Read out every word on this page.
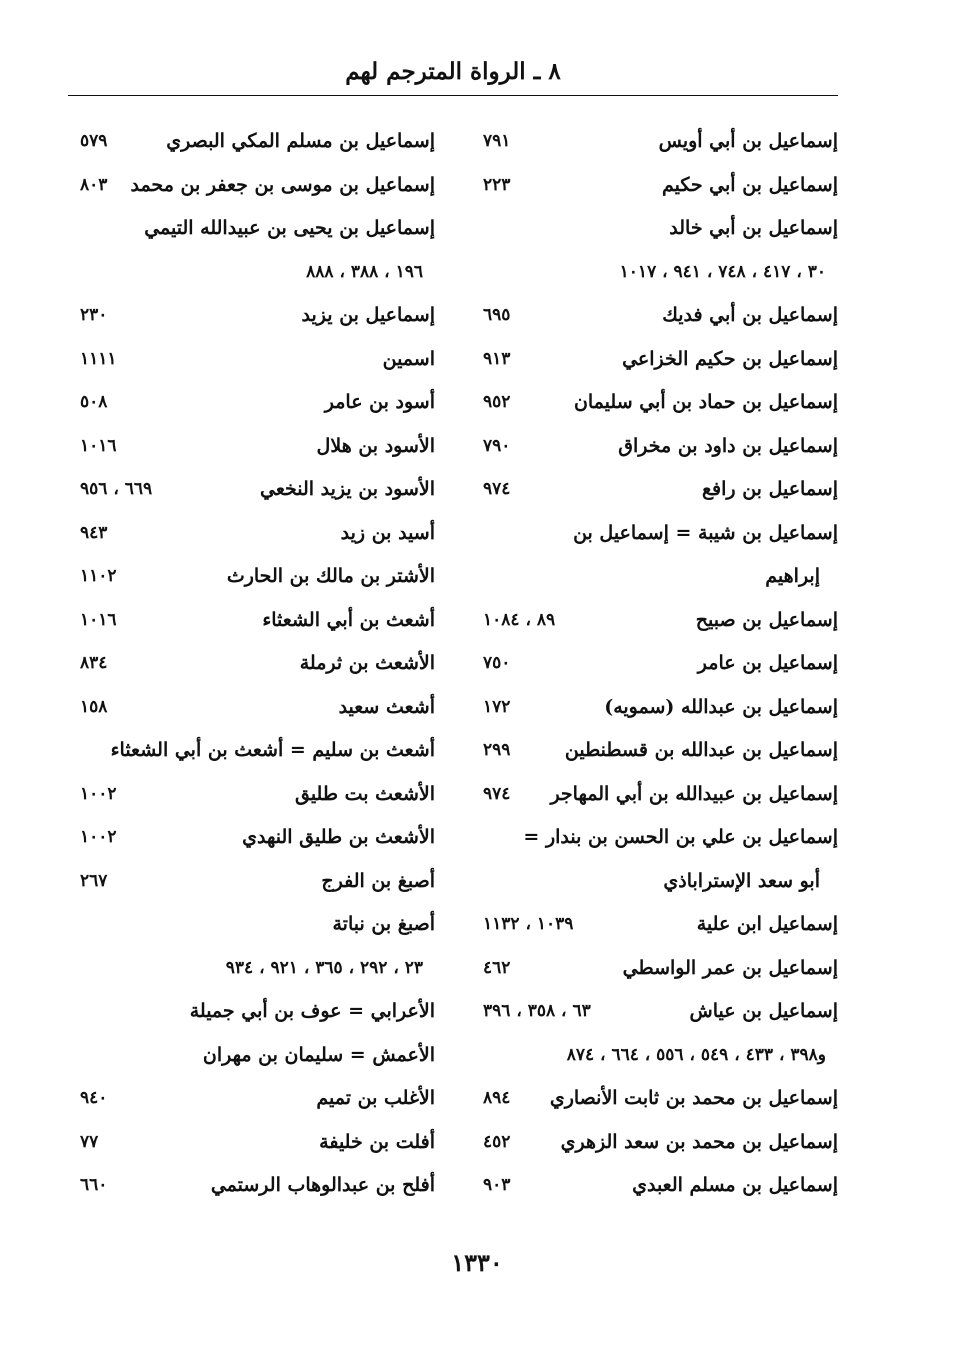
٨ ـ الرواة المترجم لهم
إسماعيل بن أبي أويس
٧٩١
إسماعيل بن أبي حكيم
٢٢٣
إسماعيل بن أبي خالد
٣٠ ، ٤١٧ ، ٧٤٨ ، ٩٤١ ، ١٠١٧
إسماعيل بن أبي فديك
٦٩٥
إسماعيل بن حكيم الخزاعي
٩١٣
إسماعيل بن حماد بن أبي سليمان
٩٥٢
إسماعيل بن داود بن مخراق
٧٩٠
إسماعيل بن رافع
٩٧٤
إسماعيل بن شيبة = إسماعيل بن
إبراهيم
إسماعيل بن صبيح
٨٩ ، ١٠٨٤
إسماعيل بن عامر
٧٥٠
إسماعيل بن عبدالله (سمويه)
١٧٢
إسماعيل بن عبدالله بن قسطنطين
٢٩٩
إسماعيل بن عبيدالله بن أبي المهاجر
٩٧٤
إسماعيل بن علي بن الحسن بن بندار =
أبو سعد الإستراباذي
إسماعيل ابن علية
١٠٣٩ ، ١١٣٢
إسماعيل بن عمر الواسطي
٤٦٢
إسماعيل بن عياش
٦٣ ، ٣٥٨ ، ٣٩٦
و٣٩٨ ، ٤٣٣ ، ٥٤٩ ، ٥٥٦ ، ٦٦٤ ، ٨٧٤
إسماعيل بن محمد بن ثابت الأنصاري
٨٩٤
إسماعيل بن محمد بن سعد الزهري
٤٥٢
إسماعيل بن مسلم العبدي
٩٠٣
إسماعيل بن مسلم المكي البصري
٥٧٩
إسماعيل بن موسى بن جعفر بن محمد
٨٠٣
إسماعيل بن يحيى بن عبيدالله التيمي
١٩٦ ، ٣٨٨ ، ٨٨٨
إسماعيل بن يزيد
٢٣٠
اسمين
١١١١
أسود بن عامر
٥٠٨
الأسود بن هلال
١٠١٦
الأسود بن يزيد النخعي
٦٦٩ ، ٩٥٦
أسيد بن زيد
٩٤٣
الأشتر بن مالك بن الحارث
١١٠٢
أشعث بن أبي الشعثاء
١٠١٦
الأشعث بن ثرملة
٨٣٤
أشعث سعيد
١٥٨
أشعث بن سليم = أشعث بن أبي الشعثاء
الأشعث بت طليق
١٠٠٢
الأشعث بن طليق النهدي
١٠٠٢
أصبغ بن الفرج
٢٦٧
أصبغ بن نباتة
٢٣ ، ٢٩٢ ، ٣٦٥ ، ٩٢١ ، ٩٣٤
الأعرابي = عوف بن أبي جميلة
الأعمش = سليمان بن مهران
الأغلب بن تميم
٩٤٠
أفلت بن خليفة
٧٧
أفلح بن عبدالوهاب الرستمي
٦٦٠
١٣٣٠
